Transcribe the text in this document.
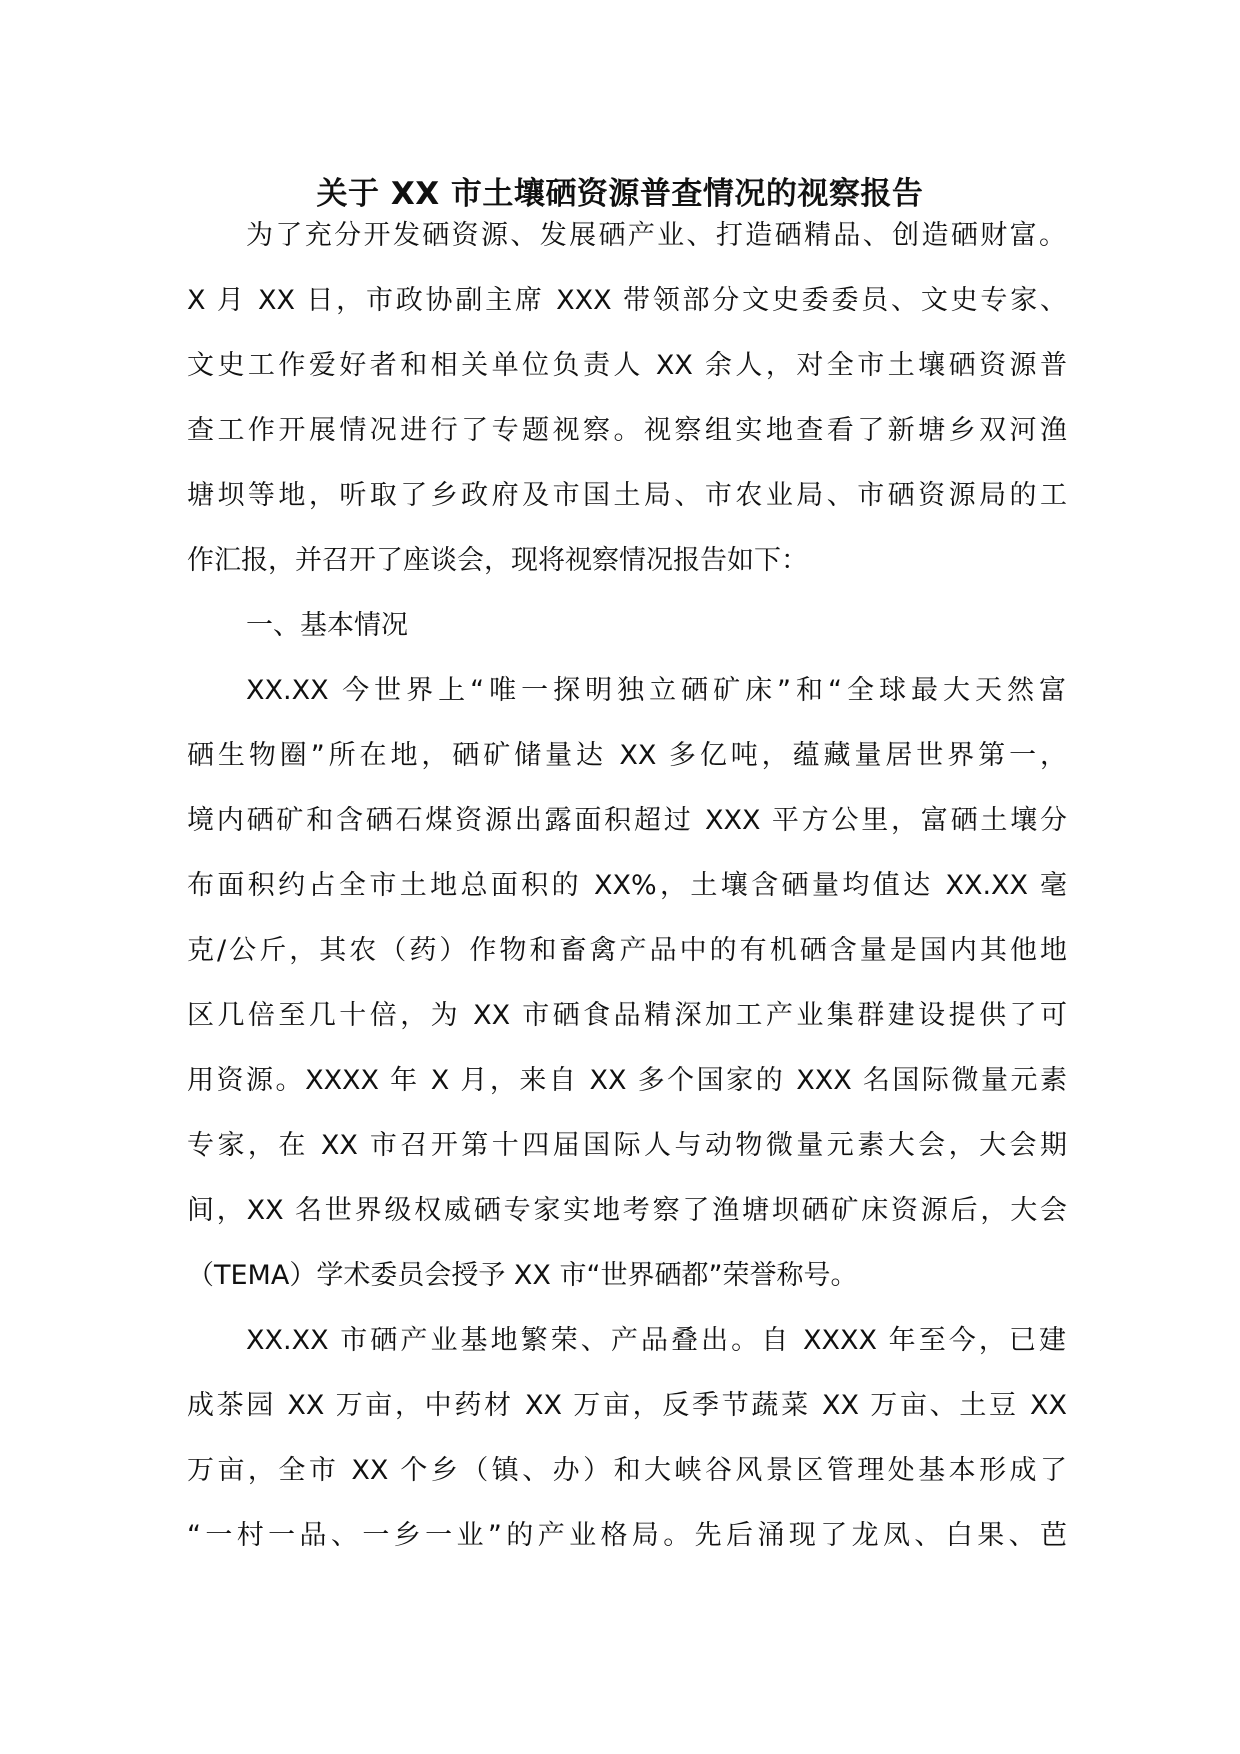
关于 XX 市土壤硒资源普查情况的视察报告
为了充分开发硒资源、发展硒产业、打造硒精品、创造硒财富。
X 月 XX 日，市政协副主席 XXX 带领部分文史委委员、文史专家、
文史工作爱好者和相关单位负责人 XX 余人，对全市土壤硒资源普
查工作开展情况进行了专题视察。视察组实地查看了新塘乡双河渔
塘坝等地，听取了乡政府及市国土局、市农业局、市硒资源局的工
作汇报，并召开了座谈会，现将视察情况报告如下：
一、基本情况
XX.XX 今世界上“唯一探明独立硒矿床”和“全球最大天然富
硒生物圈”所在地，硒矿储量达 XX 多亿吨，蕴藏量居世界第一，
境内硒矿和含硒石煤资源出露面积超过 XXX 平方公里，富硒土壤分
布面积约占全市土地总面积的 XX%，土壤含硒量均值达 XX.XX 毫
克/公斤，其农（药）作物和畜禽产品中的有机硒含量是国内其他地
区几倍至几十倍，为 XX 市硒食品精深加工产业集群建设提供了可
用资源。XXXX 年 X 月，来自 XX 多个国家的 XXX 名国际微量元素
专家，在 XX 市召开第十四届国际人与动物微量元素大会，大会期
间，XX 名世界级权威硒专家实地考察了渔塘坝硒矿床资源后，大会
（TEMA）学术委员会授予 XX 市“世界硒都”荣誉称号。
XX.XX 市硒产业基地繁荣、产品叠出。自 XXXX 年至今，已建
成茶园 XX 万亩，中药材 XX 万亩，反季节蔬菜 XX 万亩、土豆 XX
万亩，全市 XX 个乡（镇、办）和大峡谷风景区管理处基本形成了
“一村一品、一乡一业”的产业格局。先后涌现了龙凤、白果、芭
